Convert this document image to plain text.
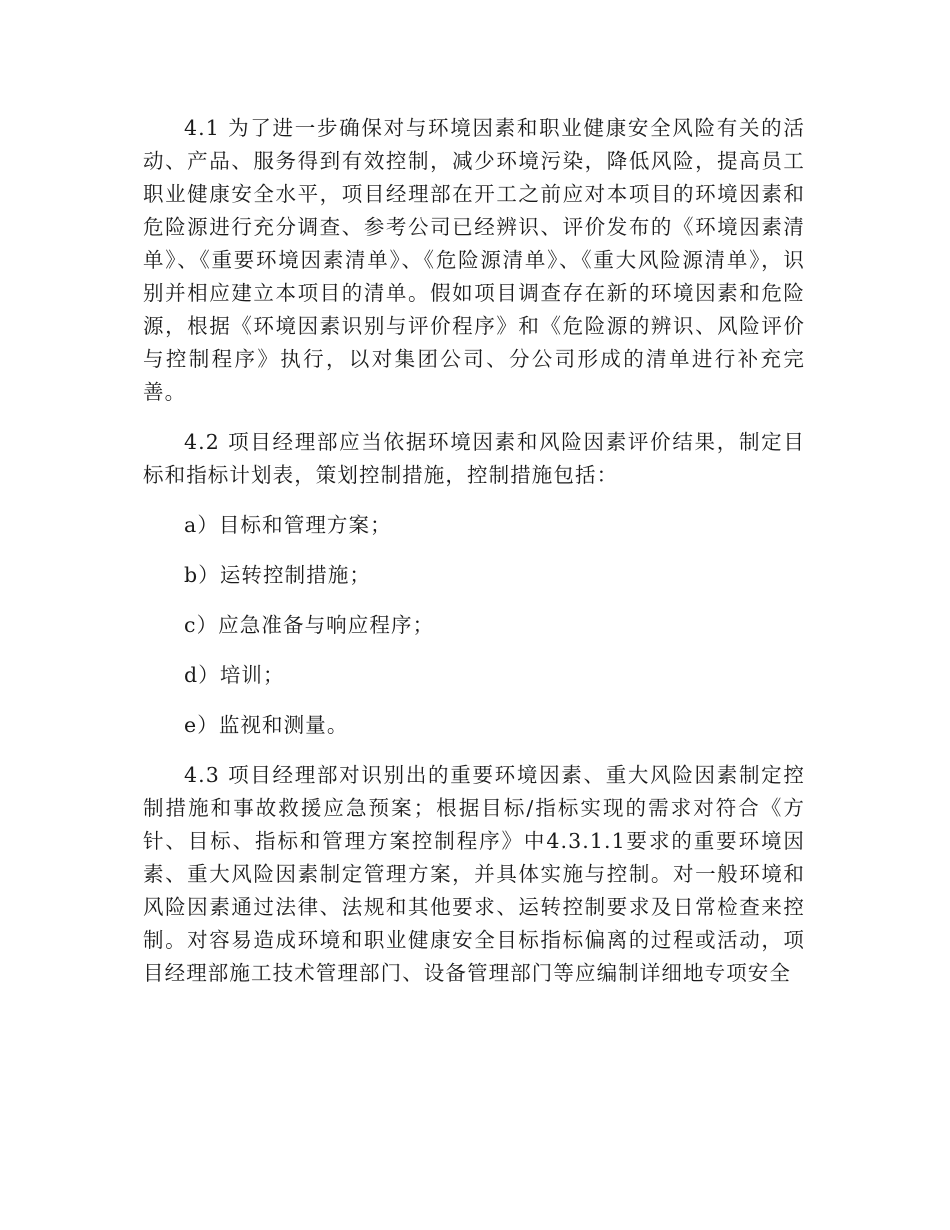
4.1 为了进一步确保对与环境因素和职业健康安全风险有关的活动、产品、服务得到有效控制，减少环境污染，降低风险，提高员工职业健康安全水平，项目经理部在开工之前应对本项目的环境因素和危险源进行充分调查、参考公司已经辨识、评价发布的《环境因素清单》、《重要环境因素清单》、《危险源清单》、《重大风险源清单》，识别并相应建立本项目的清单。假如项目调查存在新的环境因素和危险源，根据《环境因素识别与评价程序》和《危险源的辨识、风险评价与控制程序》执行，以对集团公司、分公司形成的清单进行补充完善。

4.2 项目经理部应当依据环境因素和风险因素评价结果，制定目标和指标计划表，策划控制措施，控制措施包括：

a）目标和管理方案；

b）运转控制措施；

c）应急准备与响应程序；

d）培训；

e）监视和测量。

4.3 项目经理部对识别出的重要环境因素、重大风险因素制定控制措施和事故救援应急预案；根据目标/指标实现的需求对符合《方针、目标、指标和管理方案控制程序》中4.3.1.1要求的重要环境因素、重大风险因素制定管理方案，并具体实施与控制。对一般环境和风险因素通过法律、法规和其他要求、运转控制要求及日常检查来控制。对容易造成环境和职业健康安全目标指标偏离的过程或活动，项目经理部施工技术管理部门、设备管理部门等应编制详细地专项安全
